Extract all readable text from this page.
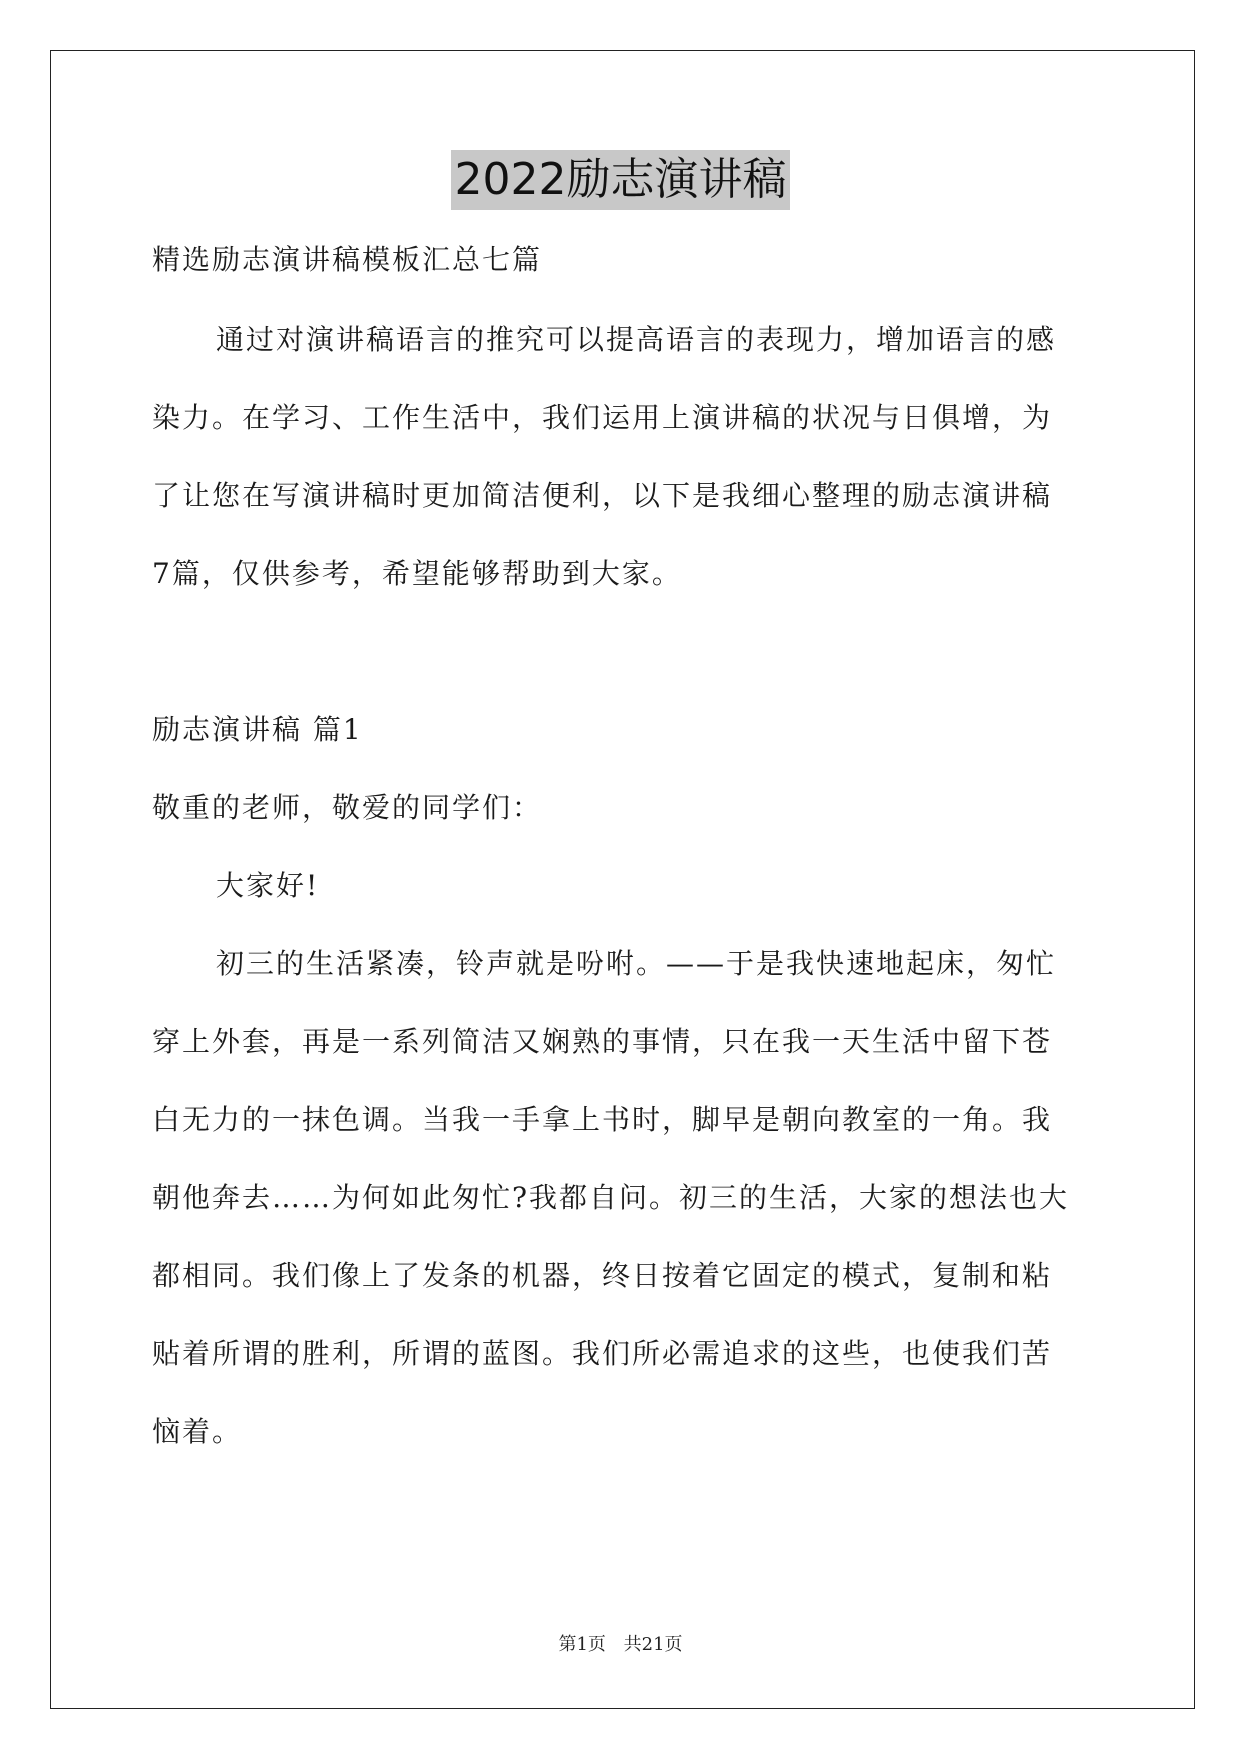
2022励志演讲稿
精选励志演讲稿模板汇总七篇
通过对演讲稿语言的推究可以提高语言的表现力，增加语言的感
染力。在学习、工作生活中，我们运用上演讲稿的状况与日俱增，为
了让您在写演讲稿时更加简洁便利，以下是我细心整理的励志演讲稿
7篇，仅供参考，希望能够帮助到大家。
励志演讲稿 篇1
敬重的老师，敬爱的同学们：
大家好!
初三的生活紧凑，铃声就是吩咐。——于是我快速地起床，匆忙
穿上外套，再是一系列简洁又娴熟的事情，只在我一天生活中留下苍
白无力的一抹色调。当我一手拿上书时，脚早是朝向教室的一角。我
朝他奔去……为何如此匆忙?我都自问。初三的生活，大家的想法也大
都相同。我们像上了发条的机器，终日按着它固定的模式，复制和粘
贴着所谓的胜利，所谓的蓝图。我们所必需追求的这些，也使我们苦
恼着。
第1页 共21页
